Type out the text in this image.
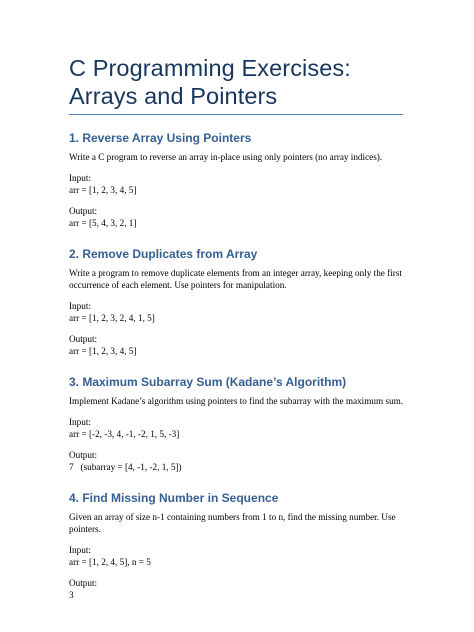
C Programming Exercises: Arrays and Pointers
1. Reverse Array Using Pointers

Write a C program to reverse an array in-place using only pointers (no array indices).

Input:

arr = [1, 2, 3, 4, 5]

Output:

arr = [5, 4, 3, 2, 1]

2. Remove Duplicates from Array

Write a program to remove duplicate elements from an integer array, keeping only the first occurrence of each element. Use pointers for manipulation.

Input:

arr = [1, 2, 3, 2, 4, 1, 5]

Output:

arr = [1, 2, 3, 4, 5]

3. Maximum Subarray Sum (Kadane’s Algorithm)

Implement Kadane’s algorithm using pointers to find the subarray with the maximum sum.

Input:

arr = [-2, -3, 4, -1, -2, 1, 5, -3]

Output:

7   (subarray = [4, -1, -2, 1, 5])

4. Find Missing Number in Sequence

Given an array of size n-1 containing numbers from 1 to n, find the missing number. Use pointers.

Input:

arr = [1, 2, 4, 5], n = 5

Output:

3
